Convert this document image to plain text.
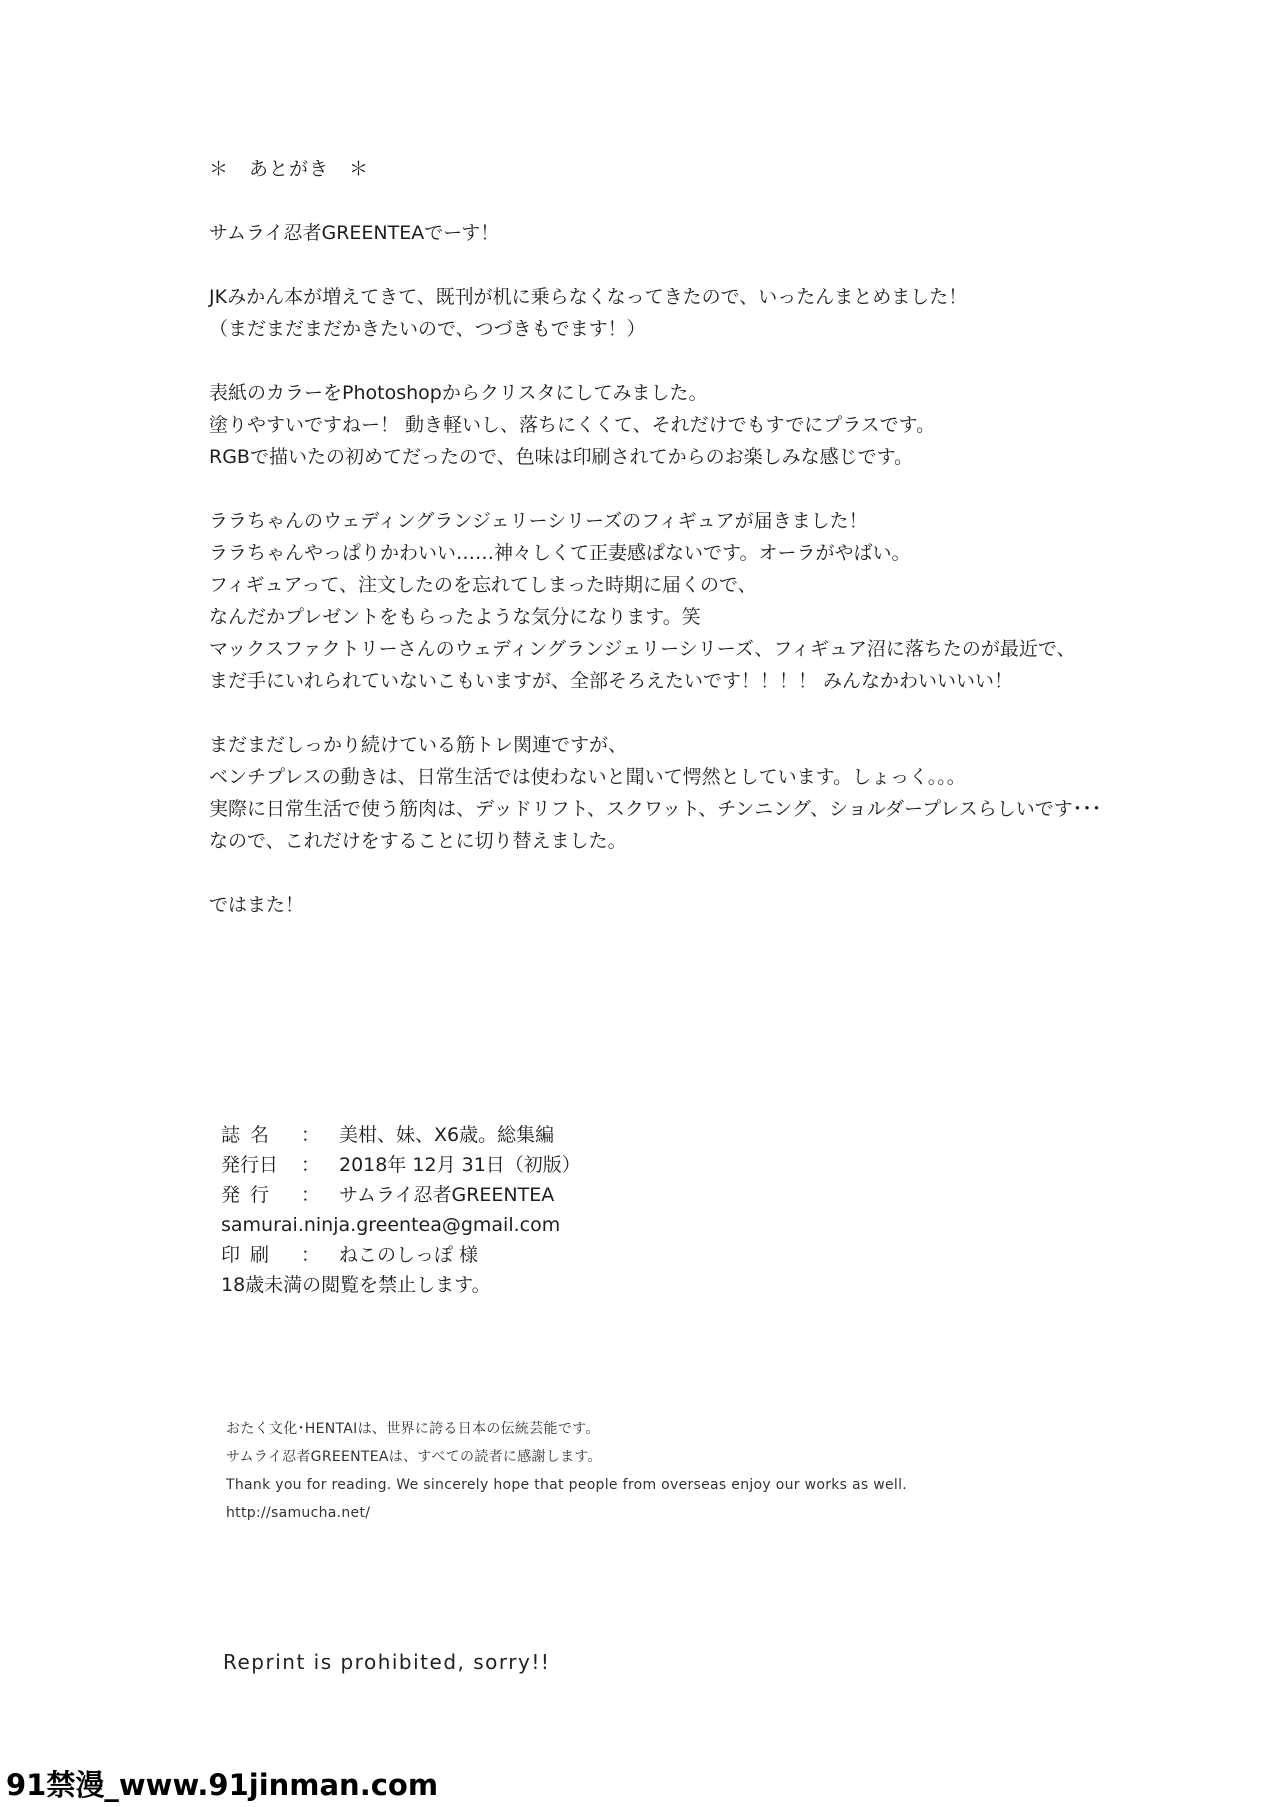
＊　あとがき　＊

サムライ忍者GREENTEAでーす！

JKみかん本が増えてきて、既刊が机に乗らなくなってきたので、いったんまとめました！

（まだまだまだかきたいので、つづきもでます！）

表紙のカラーをPhotoshopからクリスタにしてみました。

塗りやすいですねー！ 動き軽いし、落ちにくくて、それだけでもすでにプラスです。

RGBで描いたの初めてだったので、色味は印刷されてからのお楽しみな感じです。

ララちゃんのウェディングランジェリーシリーズのフィギュアが届きました！

ララちゃんやっぱりかわいい……神々しくて正妻感ぱないです。オーラがやばい。

フィギュアって、注文したのを忘れてしまった時期に届くので、

なんだかプレゼントをもらったような気分になります。笑

マックスファクトリーさんのウェディングランジェリーシリーズ、フィギュア沼に落ちたのが最近で、

まだ手にいれられていないこもいますが、全部そろえたいです！！！！ みんなかわいいいい！

まだまだしっかり続けている筋トレ関連ですが、

ベンチプレスの動きは、日常生活では使わないと聞いて愕然としています。しょっく。。。

実際に日常生活で使う筋肉は、デッドリフト、スクワット、チンニング、ショルダープレスらしいです･･･

なので、これだけをすることに切り替えました。

ではまた！

誌名	： 美柑、妹、X6歳。総集編
発行日	： 2018年 12月 31日（初版）
発行	： サムライ忍者GREENTEA
samurai.ninja.greentea@gmail.com
印刷	： ねこのしっぽ 様
18歳未満の閲覧を禁止します。

おたく文化･HENTAIは、世界に誇る日本の伝統芸能です。

サムライ忍者GREENTEAは、すべての読者に感謝します。

Thank you for reading. We sincerely hope that people from overseas enjoy our works as well.

http://samucha.net/

Reprint is prohibited, sorry!!
91禁漫_www.91jinman.com
